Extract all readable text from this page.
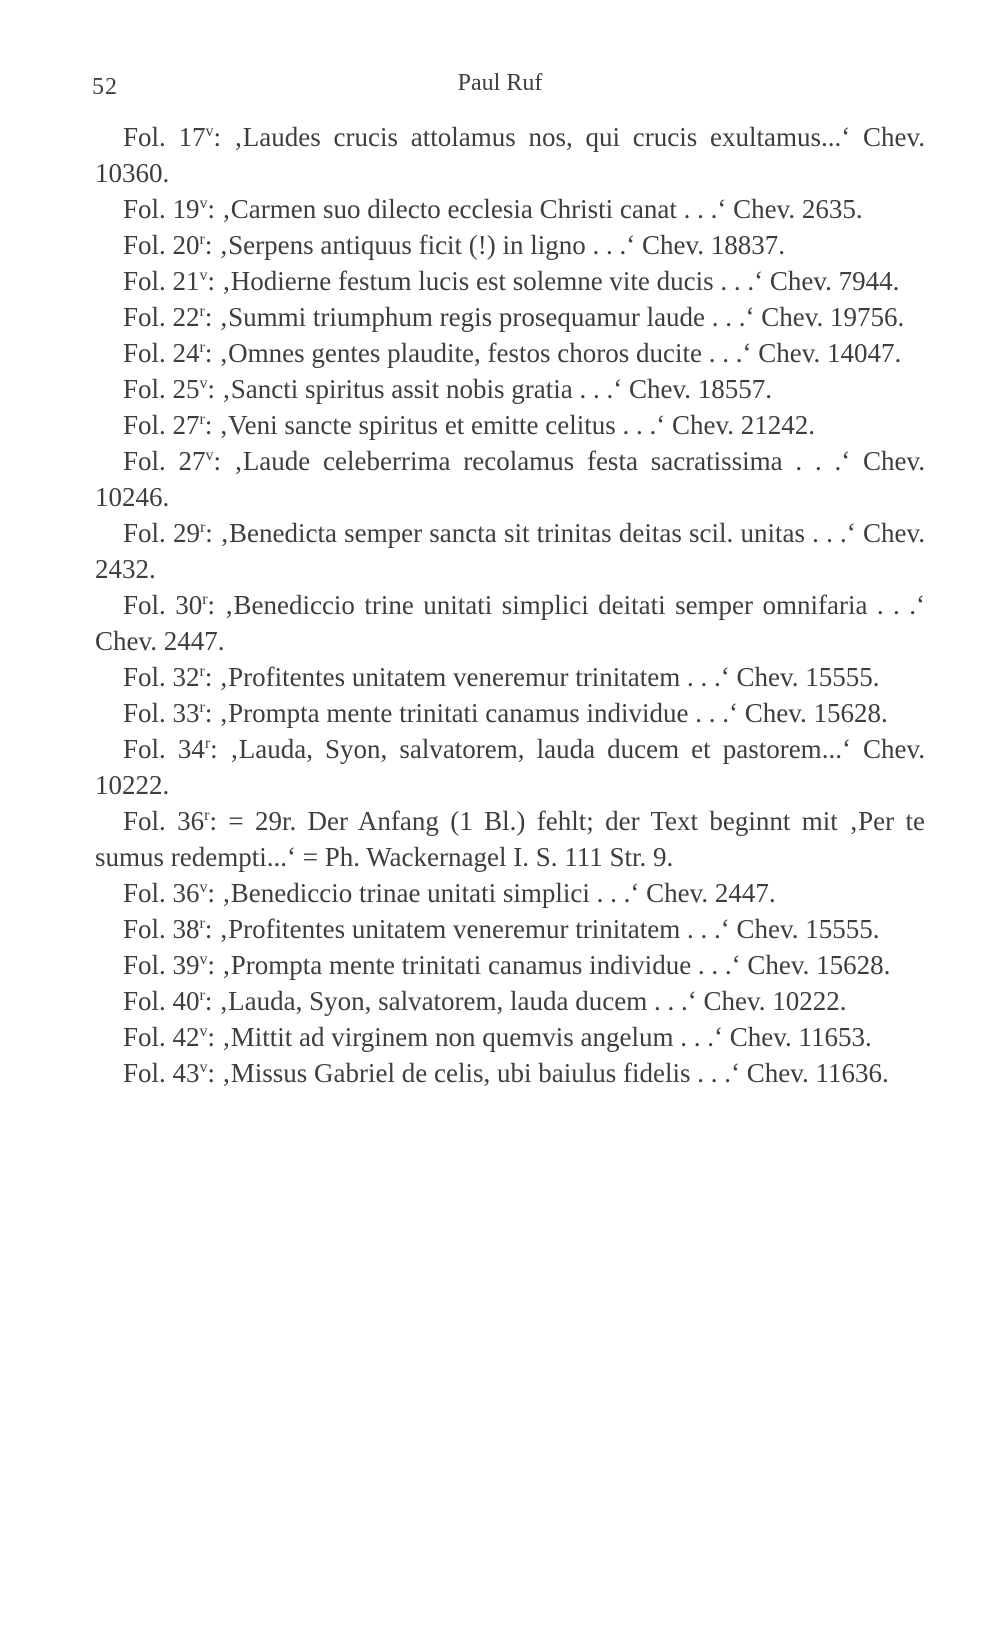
52	Paul Ruf

Fol. 17$^v$: ‚Laudes crucis attolamus nos, qui crucis exultamus...‘ Chev. 10360.

Fol. 19$^v$: ‚Carmen suo dilecto ecclesia Christi canat . . .‘ Chev. 2635.

Fol. 20$^r$: ‚Serpens antiquus ficit (!) in ligno . . .‘ Chev. 18837.

Fol. 21$^v$: ‚Hodierne festum lucis est solemne vite ducis . . .‘ Chev. 7944.

Fol. 22$^r$: ‚Summi triumphum regis prosequamur laude . . .‘ Chev. 19756.

Fol. 24$^r$: ‚Omnes gentes plaudite, festos choros ducite . . .‘ Chev. 14047.

Fol. 25$^v$: ‚Sancti spiritus assit nobis gratia . . .‘ Chev. 18557.

Fol. 27$^r$: ‚Veni sancte spiritus et emitte celitus . . .‘ Chev. 21242.

Fol. 27$^v$: ‚Laude celeberrima recolamus festa sacratissima . . .‘ Chev. 10246.

Fol. 29$^r$: ‚Benedicta semper sancta sit trinitas deitas scil. unitas . . .‘ Chev. 2432.

Fol. 30$^r$: ‚Benediccio trine unitati simplici deitati semper omnifaria . . .‘ Chev. 2447.

Fol. 32$^r$: ‚Profitentes unitatem veneremur trinitatem . . .‘ Chev. 15555.

Fol. 33$^r$: ‚Prompta mente trinitati canamus individue . . .‘ Chev. 15628.

Fol. 34$^r$: ‚Lauda, Syon, salvatorem, lauda ducem et pastorem...‘ Chev. 10222.

Fol. $36^r$: = 29r. Der Anfang (1 Bl.) fehlt; der Text beginnt mit ‚Per te sumus redempti...‘ = Ph. Wackernagel I. S. 111 Str. 9.

Fol. 36$^v$: ‚Benediccio trinae unitati simplici . . .‘ Chev. 2447.

Fol. 38$^r$: ‚Profitentes unitatem veneremur trinitatem . . .‘ Chev. 15555.

Fol. 39$^v$: ‚Prompta mente trinitati canamus individue . . .‘ Chev. 15628.

Fol. 40$^r$: ‚Lauda, Syon, salvatorem, lauda ducem . . .‘ Chev. 10222.

Fol. 42$^v$: ‚Mittit ad virginem non quemvis angelum . . .‘ Chev. 11653.

Fol. 43$^v$: ‚Missus Gabriel de celis, ubi baiulus fidelis . . .‘ Chev. 11636.
